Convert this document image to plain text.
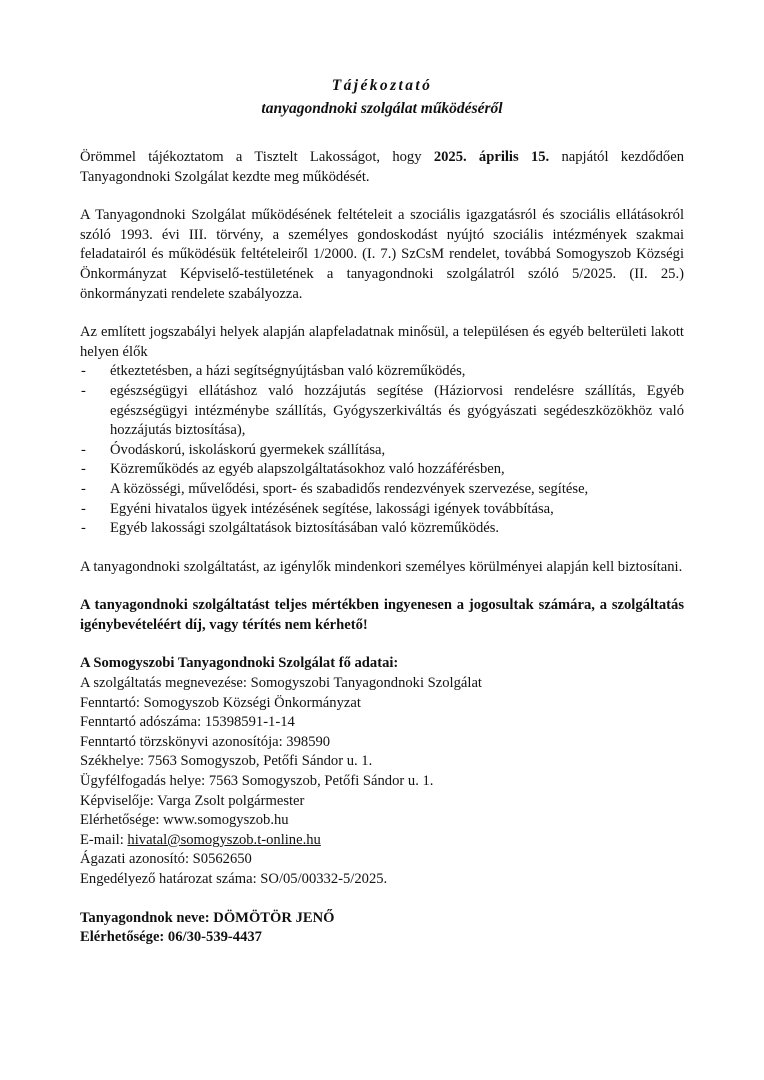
Tájékoztató
tanyagondnoki szolgálat működéséről

Örömmel tájékoztatom a Tisztelt Lakosságot, hogy 2025. április 15. napjától kezdődően Tanyagondnoki Szolgálat kezdte meg működését.

A Tanyagondnoki Szolgálat működésének feltételeit a szociális igazgatásról és szociális ellátásokról szóló 1993. évi III. törvény, a személyes gondoskodást nyújtó szociális intézmények szakmai feladatairól és működésük feltételeiről 1/2000. (I. 7.) SzCsM rendelet, továbbá Somogyszob Községi Önkormányzat Képviselő-testületének a tanyagondnoki szolgálatról szóló 5/2025. (II. 25.) önkormányzati rendelete szabályozza.

Az említett jogszabályi helyek alapján alapfeladatnak minősül, a településen és egyéb belterületi lakott helyen élők

- étkeztetésben, a házi segítségnyújtásban való közreműködés,
- egészségügyi ellátáshoz való hozzájutás segítése (Háziorvosi rendelésre szállítás, Egyéb egészségügyi intézménybe szállítás, Gyógyszerkiváltás és gyógyászati segédeszközökhöz való hozzájutás biztosítása),
- Óvodáskorú, iskoláskorú gyermekek szállítása,
- Közreműködés az egyéb alapszolgáltatásokhoz való hozzáférésben,
- A közösségi, művelődési, sport- és szabadidős rendezvények szervezése, segítése,
- Egyéni hivatalos ügyek intézésének segítése, lakossági igények továbbítása,
- Egyéb lakossági szolgáltatások biztosításában való közreműködés.

A tanyagondnoki szolgáltatást, az igénylők mindenkori személyes körülményei alapján kell biztosítani.

A tanyagondnoki szolgáltatást teljes mértékben ingyenesen a jogosultak számára, a szolgáltatás igénybevételéért díj, vagy térítés nem kérhető!

A Somogyszobi Tanyagondnoki Szolgálat fő adatai:
A szolgáltatás megnevezése: Somogyszobi Tanyagondnoki Szolgálat
Fenntartó: Somogyszob Községi Önkormányzat
Fenntartó adószáma: 15398591-1-14
Fenntartó törzskönyvi azonosítója: 398590
Székhelye: 7563 Somogyszob, Petőfi Sándor u. 1.
Ügyfélfogadás helye: 7563 Somogyszob, Petőfi Sándor u. 1.
Képviselője: Varga Zsolt polgármester
Elérhetősége: www.somogyszob.hu
E-mail: hivatal@somogyszob.t-online.hu
Ágazati azonosító: S0562650
Engedélyező határozat száma: SO/05/00332-5/2025.
Tanyagondnok neve: DÖMÖTÖR JENŐ
Elérhetősége: 06/30-539-4437
